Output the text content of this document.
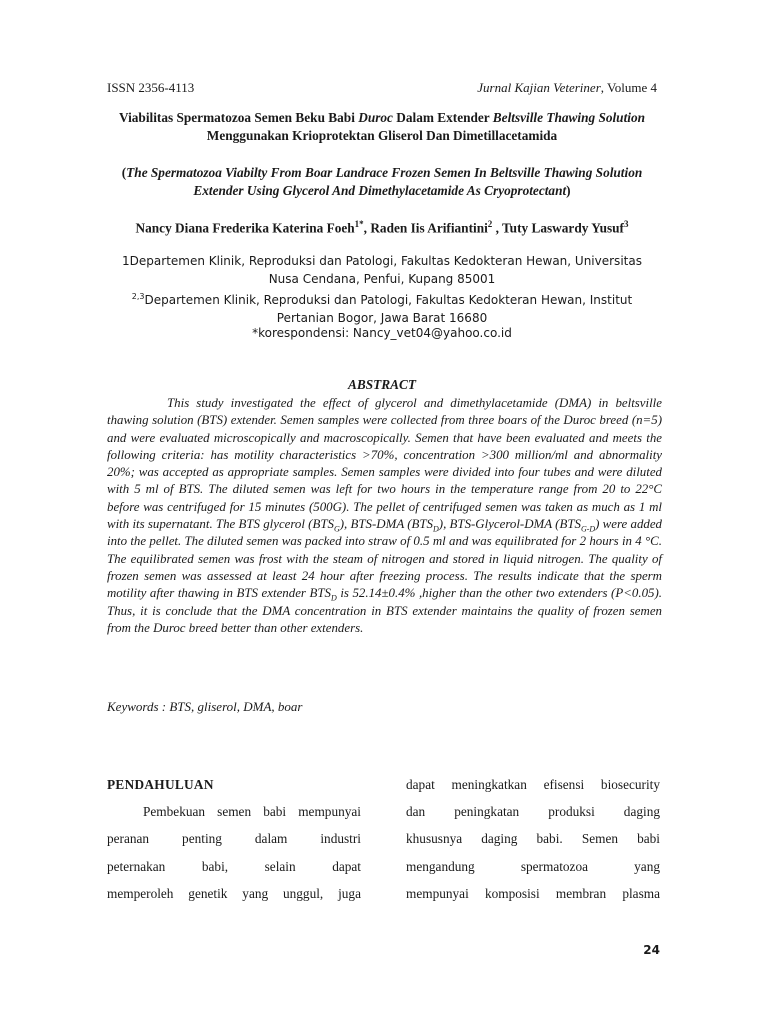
ISSN 2356-4113	Jurnal Kajian Veteriner, Volume 4
Viabilitas Spermatozoa Semen Beku Babi Duroc Dalam Extender Beltsville Thawing Solution Menggunakan Krioprotektan Gliserol Dan Dimetillacetamida
(The Spermatozoa Viabilty From Boar Landrace Frozen Semen In Beltsville Thawing Solution Extender Using Glycerol And Dimethylacetamide As Cryoprotectant)
Nancy Diana Frederika Katerina Foeh$^{1*}$, Raden Iis Arifiantini$^2$ , Tuty Laswardy Yusuf$^3$
1Departemen Klinik, Reproduksi dan Patologi, Fakultas Kedokteran Hewan, Universitas Nusa Cendana, Penfui, Kupang 85001
$^{2,3}$Departemen Klinik, Reproduksi dan Patologi, Fakultas Kedokteran Hewan, Institut Pertanian Bogor, Jawa Barat 16680
*korespondensi: Nancy_vet04@yahoo.co.id
ABSTRACT
This study investigated the effect of glycerol and dimethylacetamide (DMA) in beltsville thawing solution (BTS) extender. Semen samples were collected from three boars of the Duroc breed (n=5) and were evaluated microscopically and macroscopically. Semen that have been evaluated and meets the following criteria: has motility characteristics >70%, concentration >300 million/ml and abnormality 20%; was accepted as appropriate samples. Semen samples were divided into four tubes and were diluted with 5 ml of BTS. The diluted semen was left for two hours in the temperature range from 20 to 22°C before was centrifuged for 15 minutes (500G). The pellet of centrifuged semen was taken as much as 1 ml with its supernatant. The BTS glycerol $(BTS_G)$, BTS-DMA $(BTS_D)$, BTS-Glycerol-DMA $(BTS_{G-D})$ were added into the pellet. The diluted semen was packed into straw of 0.5 ml and was equilibrated for 2 hours in 4 °C. The equilibrated semen was frost with the steam of nitrogen and stored in liquid nitrogen. The quality of frozen semen was assessed at least 24 hour after freezing process. The results indicate that the sperm motility after thawing in BTS extender $BTS_D$ is 52.14±0.4% ,higher than the other two extenders (P<0.05). Thus, it is conclude that the DMA concentration in BTS extender maintains the quality of frozen semen from the Duroc breed better than other extenders.
Keywords : BTS, gliserol, DMA, boar
PENDAHULUAN
Pembekuan semen babi mempunyai
peranan penting dalam industri
peternakan babi, selain dapat
memperoleh genetik yang unggul, juga
dapat meningkatkan efisensi biosecurity
dan peningkatan produksi daging
khususnya daging babi. Semen babi
mengandung spermatozoa yang
mempunyai komposisi membran plasma
24
